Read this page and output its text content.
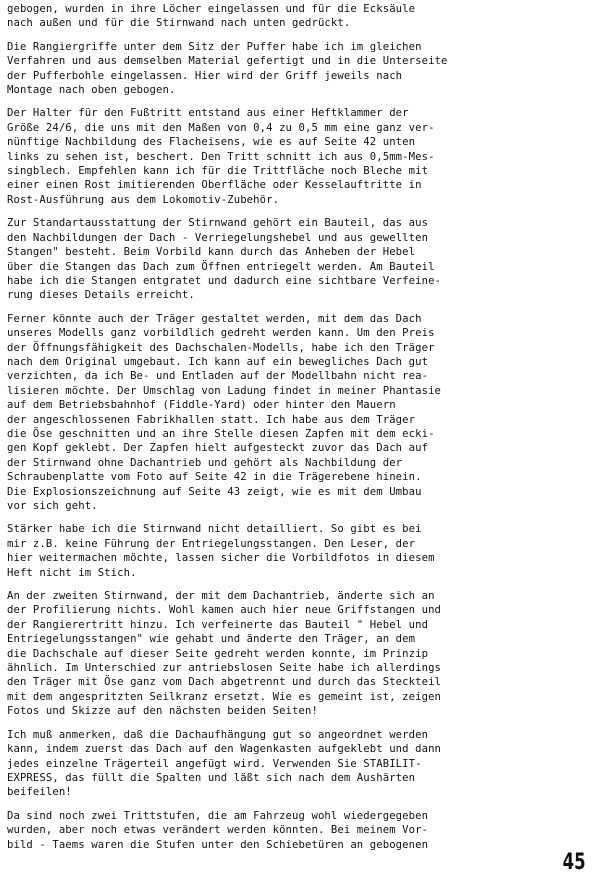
gebogen, wurden in ihre Löcher eingelassen und für die Ecksäule
nach außen und für die Stirnwand nach unten gedrückt.

Die Rangiergriffe unter dem Sitz der Puffer habe ich im gleichen
Verfahren und aus demselben Material gefertigt und in die Unterseite
der Pufferbohle eingelassen. Hier wird der Griff jeweils nach
Montage nach oben gebogen.

Der Halter für den Fußtritt entstand aus einer Heftklammer der
Größe 24/6, die uns mit den Maßen von 0,4 zu 0,5 mm eine ganz ver-
nünftige Nachbildung des Flacheisens, wie es auf Seite 42 unten
links zu sehen ist, beschert. Den Tritt schnitt ich aus 0,5mm-Mes-
singblech. Empfehlen kann ich für die Trittfläche noch Bleche mit
einer einen Rost imitierenden Oberfläche oder Kesselauftritte in
Rost-Ausführung aus dem Lokomotiv-Zubehör.

Zur Standartausstattung der Stirnwand gehört ein Bauteil, das aus
den Nachbildungen der Dach - Verriegelungshebel und aus gewellten
Stangen" besteht. Beim Vorbild kann durch das Anheben der Hebel
über die Stangen das Dach zum Öffnen entriegelt werden. Am Bauteil
habe ich die Stangen entgratet und dadurch eine sichtbare Verfeine-
rung dieses Details erreicht.

Ferner könnte auch der Träger gestaltet werden, mit dem das Dach
unseres Modells ganz vorbildlich gedreht werden kann. Um den Preis
der Öffnungsfähigkeit des Dachschalen-Modells, habe ich den Träger
nach dem Original umgebaut. Ich kann auf ein bewegliches Dach gut
verzichten, da ich Be- und Entladen auf der Modellbahn nicht rea-
lisieren möchte. Der Umschlag von Ladung findet in meiner Phantasie
auf dem Betriebsbahnhof (Fiddle-Yard) oder hinter den Mauern
der angeschlossenen Fabrikhallen statt. Ich habe aus dem Träger
die Öse geschnitten und an ihre Stelle diesen Zapfen mit dem ecki-
gen Kopf geklebt. Der Zapfen hielt aufgesteckt zuvor das Dach auf
der Stirnwand ohne Dachantrieb und gehört als Nachbildung der
Schraubenplatte vom Foto auf Seite 42 in die Trägerebene hinein.
Die Explosionszeichnung auf Seite 43 zeigt, wie es mit dem Umbau
vor sich geht.

Stärker habe ich die Stirnwand nicht detailliert. So gibt es bei
mir z.B. keine Führung der Entriegelungsstangen. Den Leser, der
hier weitermachen möchte, lassen sicher die Vorbildfotos in diesem
Heft nicht im Stich.

An der zweiten Stirnwand, der mit dem Dachantrieb, änderte sich an
der Profilierung nichts. Wohl kamen auch hier neue Griffstangen und
der Rangierertritt hinzu. Ich verfeinerte das Bauteil " Hebel und
Entriegelungsstangen" wie gehabt und änderte den Träger, an dem
die Dachschale auf dieser Seite gedreht werden konnte, im Prinzip
ähnlich. Im Unterschied zur antriebslosen Seite habe ich allerdings
den Träger mit Öse ganz vom Dach abgetrennt und durch das Steckteil
mit dem angespritzten Seilkranz ersetzt. Wie es gemeint ist, zeigen
Fotos und Skizze auf den nächsten beiden Seiten!

Ich muß anmerken, daß die Dachaufhängung gut so angeordnet werden
kann, indem zuerst das Dach auf den Wagenkasten aufgeklebt und dann
jedes einzelne Trägerteil angefügt wird. Verwenden Sie STABILIT-
EXPRESS, das füllt die Spalten und läßt sich nach dem Aushärten
beifeilen!

Da sind noch zwei Trittstufen, die am Fahrzeug wohl wiedergegeben
wurden, aber noch etwas verändert werden könnten. Bei meinem Vor-
bild - Taems waren die Stufen unter den Schiebetüren an gebogenen

45
